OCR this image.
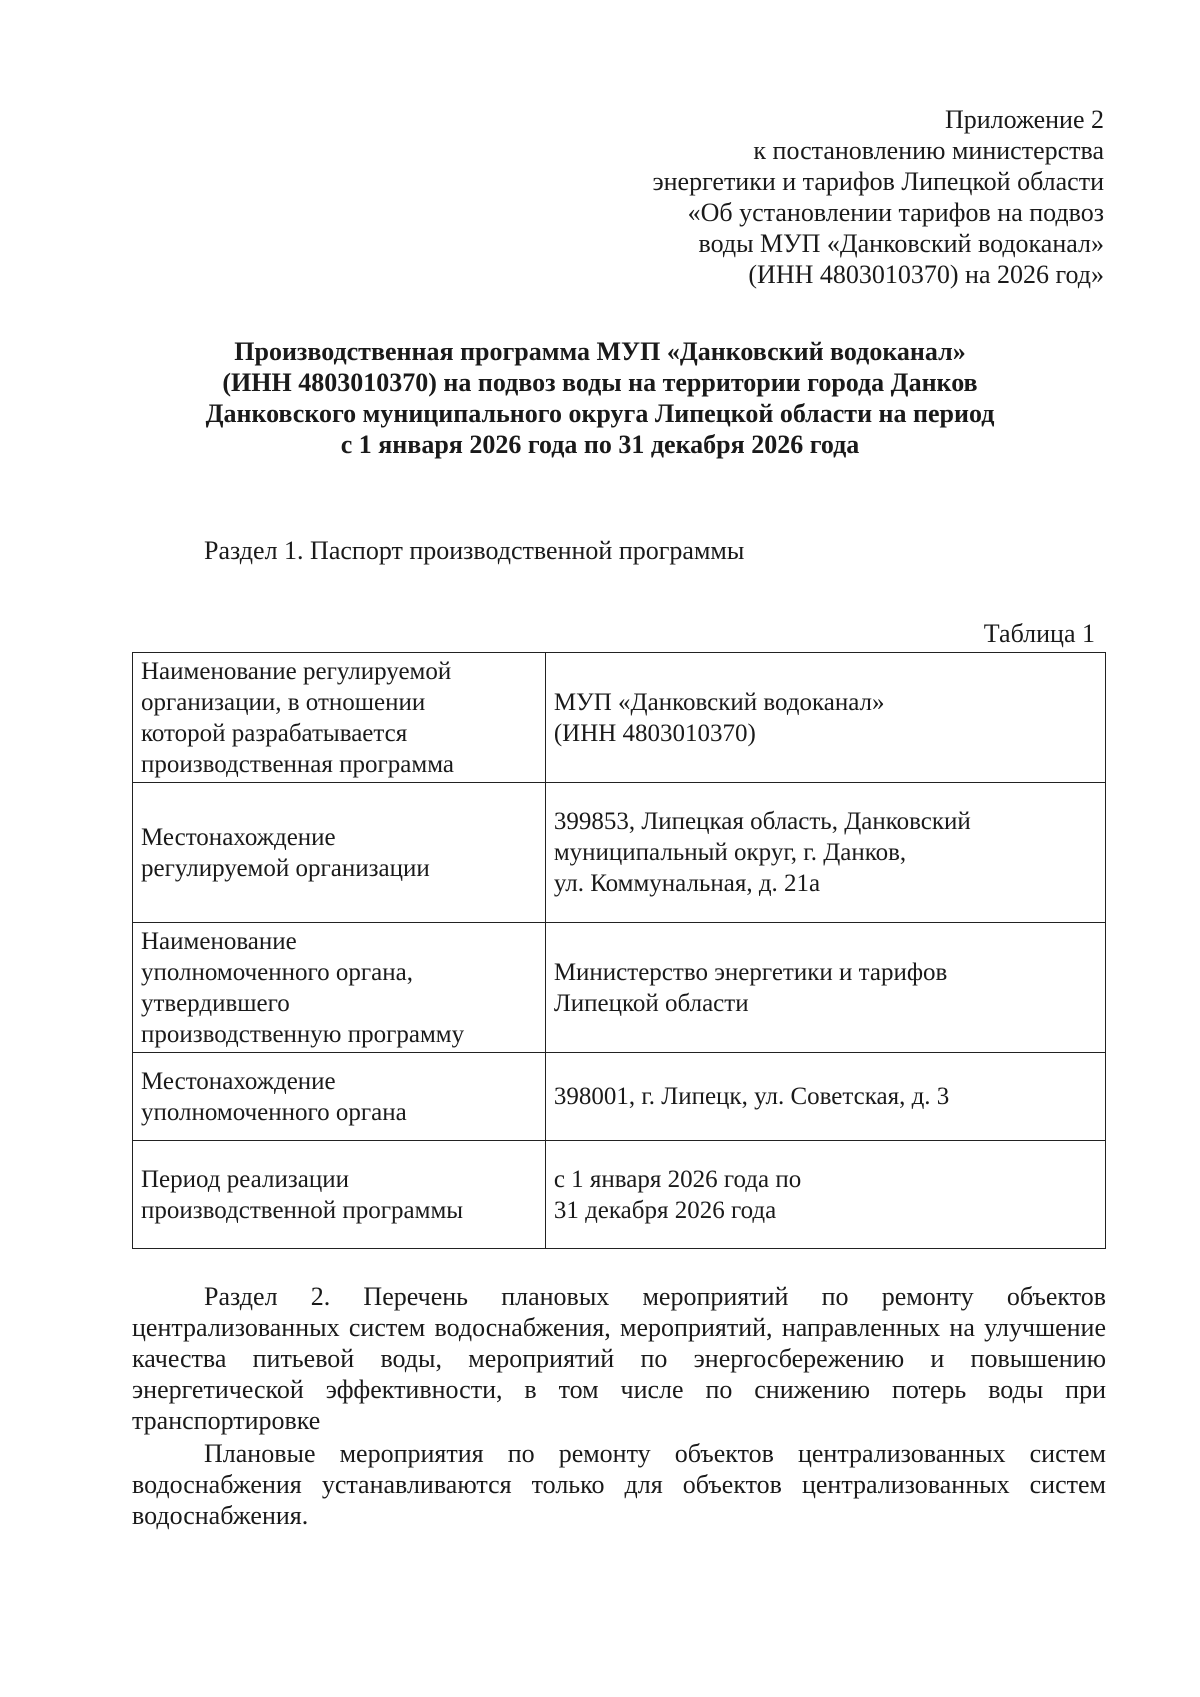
Приложение 2
к постановлению министерства
энергетики и тарифов Липецкой области
«Об установлении тарифов на подвоз
воды МУП «Данковский водоканал»
(ИНН 4803010370) на 2026 год»
Производственная программа МУП «Данковский водоканал»
(ИНН 4803010370) на подвоз воды на территории города Данков
Данковского муниципального округа Липецкой области на период
с 1 января 2026 года по 31 декабря 2026 года
Раздел 1. Паспорт производственной программы
Таблица 1
Наименование регулируемой
организации, в отношении
которой разрабатывается
производственная программа	МУП «Данковский водоканал»
(ИНН 4803010370)

Местонахождение
регулируемой организации	399853, Липецкая область, Данковский
муниципальный округ, г. Данков,
ул. Коммунальная, д. 21а

Наименование
уполномоченного органа,
утвердившего
производственную программу	Министерство энергетики и тарифов
Липецкой области

Местонахождение
уполномоченного органа	398001, г. Липецк, ул. Советская, д. 3

Период реализации
производственной программы	с 1 января 2026 года по
31 декабря 2026 года

Раздел 2. Перечень плановых мероприятий по ремонту объектов централизованных систем водоснабжения, мероприятий, направленных на улучшение качества питьевой воды, мероприятий по энергосбережению и повышению энергетической эффективности, в том числе по снижению потерь воды при транспортировке

Плановые мероприятия по ремонту объектов централизованных систем водоснабжения устанавливаются только для объектов централизованных систем водоснабжения.
